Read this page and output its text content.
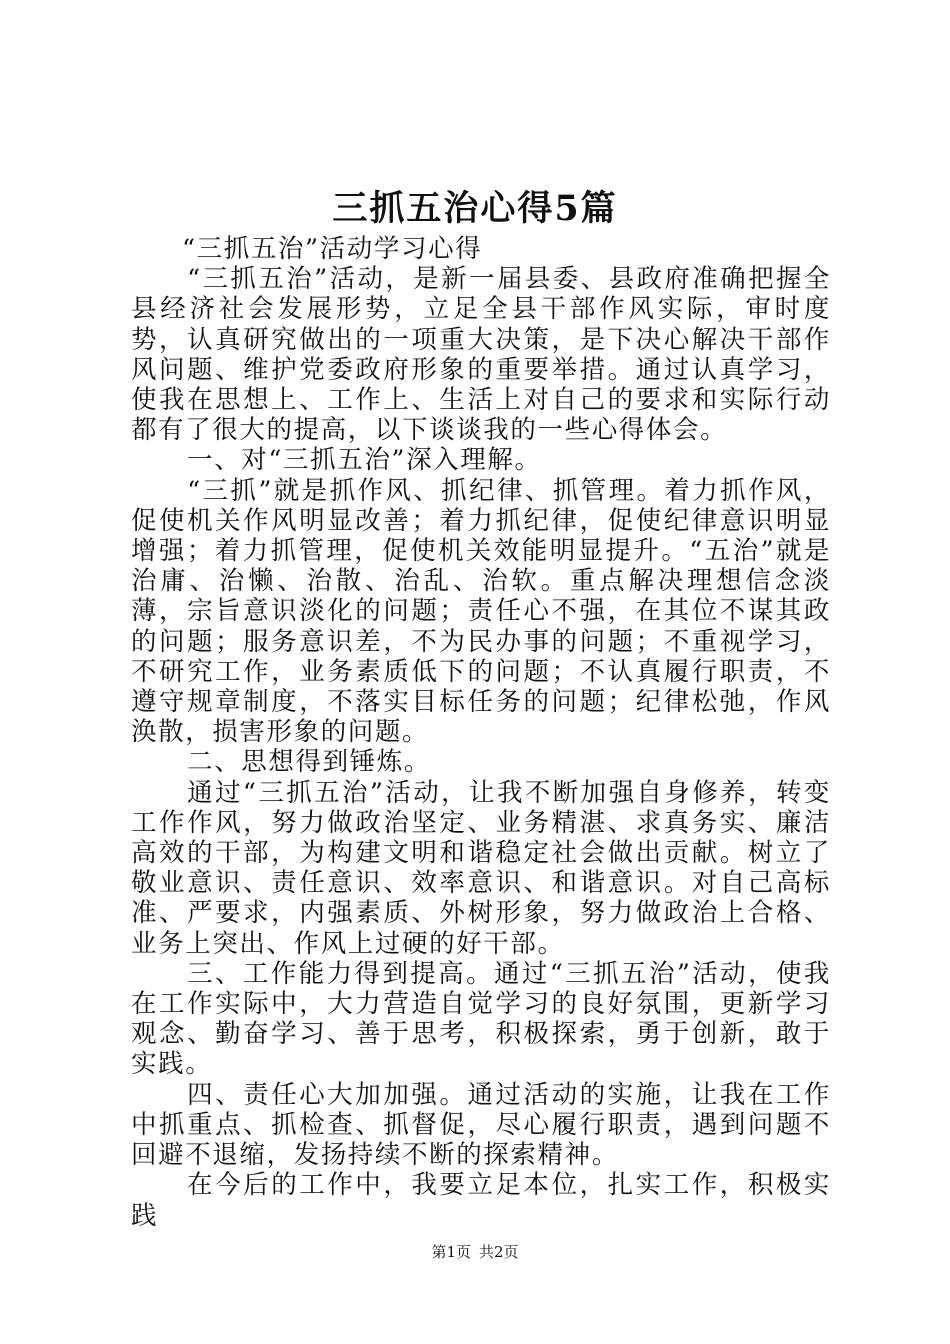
三抓五治心得5篇

“三抓五治”活动学习心得

“三抓五治”活动，是新一届县委、县政府准确把握全县经济社会发展形势，立足全县干部作风实际，审时度势，认真研究做出的一项重大决策，是下决心解决干部作风问题、维护党委政府形象的重要举措。通过认真学习，使我在思想上、工作上、生活上对自己的要求和实际行动都有了很大的提高，以下谈谈我的一些心得体会。

一、对“三抓五治”深入理解。

“三抓”就是抓作风、抓纪律、抓管理。着力抓作风，促使机关作风明显改善；着力抓纪律，促使纪律意识明显增强；着力抓管理，促使机关效能明显提升。“五治”就是治庸、治懒、治散、治乱、治软。重点解决理想信念淡薄，宗旨意识淡化的问题；责任心不强，在其位不谋其政的问题；服务意识差，不为民办事的问题；不重视学习，不研究工作，业务素质低下的问题；不认真履行职责，不遵守规章制度，不落实目标任务的问题；纪律松弛，作风涣散，损害形象的问题。

二、思想得到锤炼。

通过“三抓五治”活动，让我不断加强自身修养，转变工作作风，努力做政治坚定、业务精湛、求真务实、廉洁高效的干部，为构建文明和谐稳定社会做出贡献。树立了敬业意识、责任意识、效率意识、和谐意识。对自己高标准、严要求，内强素质、外树形象，努力做政治上合格、业务上突出、作风上过硬的好干部。

三、工作能力得到提高。通过“三抓五治”活动，使我在工作实际中，大力营造自觉学习的良好氛围，更新学习观念、勤奋学习、善于思考，积极探索，勇于创新，敢于实践。

四、责任心大加加强。通过活动的实施，让我在工作中抓重点、抓检查、抓督促，尽心履行职责，遇到问题不回避不退缩，发扬持续不断的探索精神。

在今后的工作中，我要立足本位，扎实工作，积极实践

第1页 共2页
